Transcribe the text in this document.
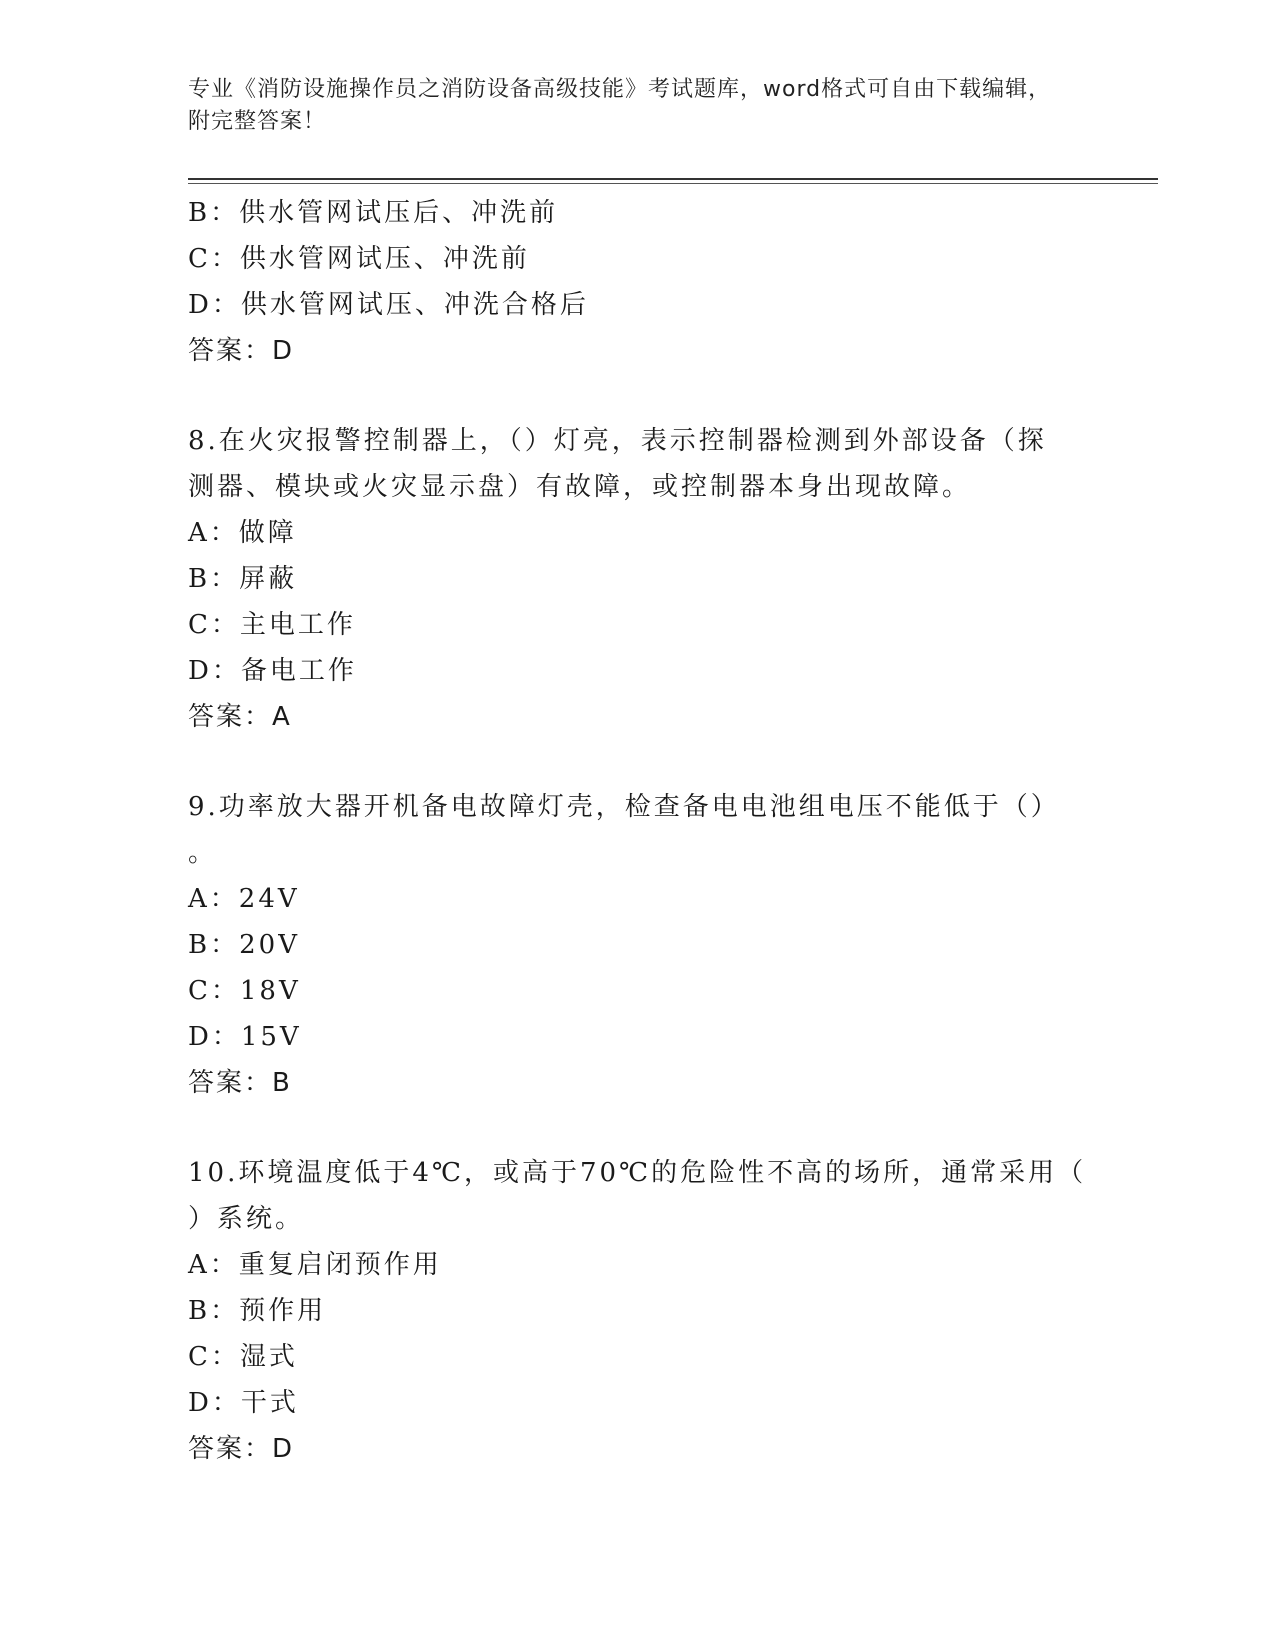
专业《消防设施操作员之消防设备高级技能》考试题库，word格式可自由下载编辑，附完整答案！
B：供水管网试压后、冲洗前
C：供水管网试压、冲洗前
D：供水管网试压、冲洗合格后
答案：D
8.在火灾报警控制器上，（）灯亮，表示控制器检测到外部设备（探测器、模块或火灾显示盘）有故障，或控制器本身出现故障。
A：做障
B：屏蔽
C：主电工作
D：备电工作
答案：A
9.功率放大器开机备电故障灯壳，检查备电电池组电压不能低于（）
。
A：24V
B：20V
C：18V
D：15V
答案：B
10.环境温度低于4℃，或高于70℃的危险性不高的场所，通常采用（
）系统。
A：重复启闭预作用
B：预作用
C：湿式
D：干式
答案：D
